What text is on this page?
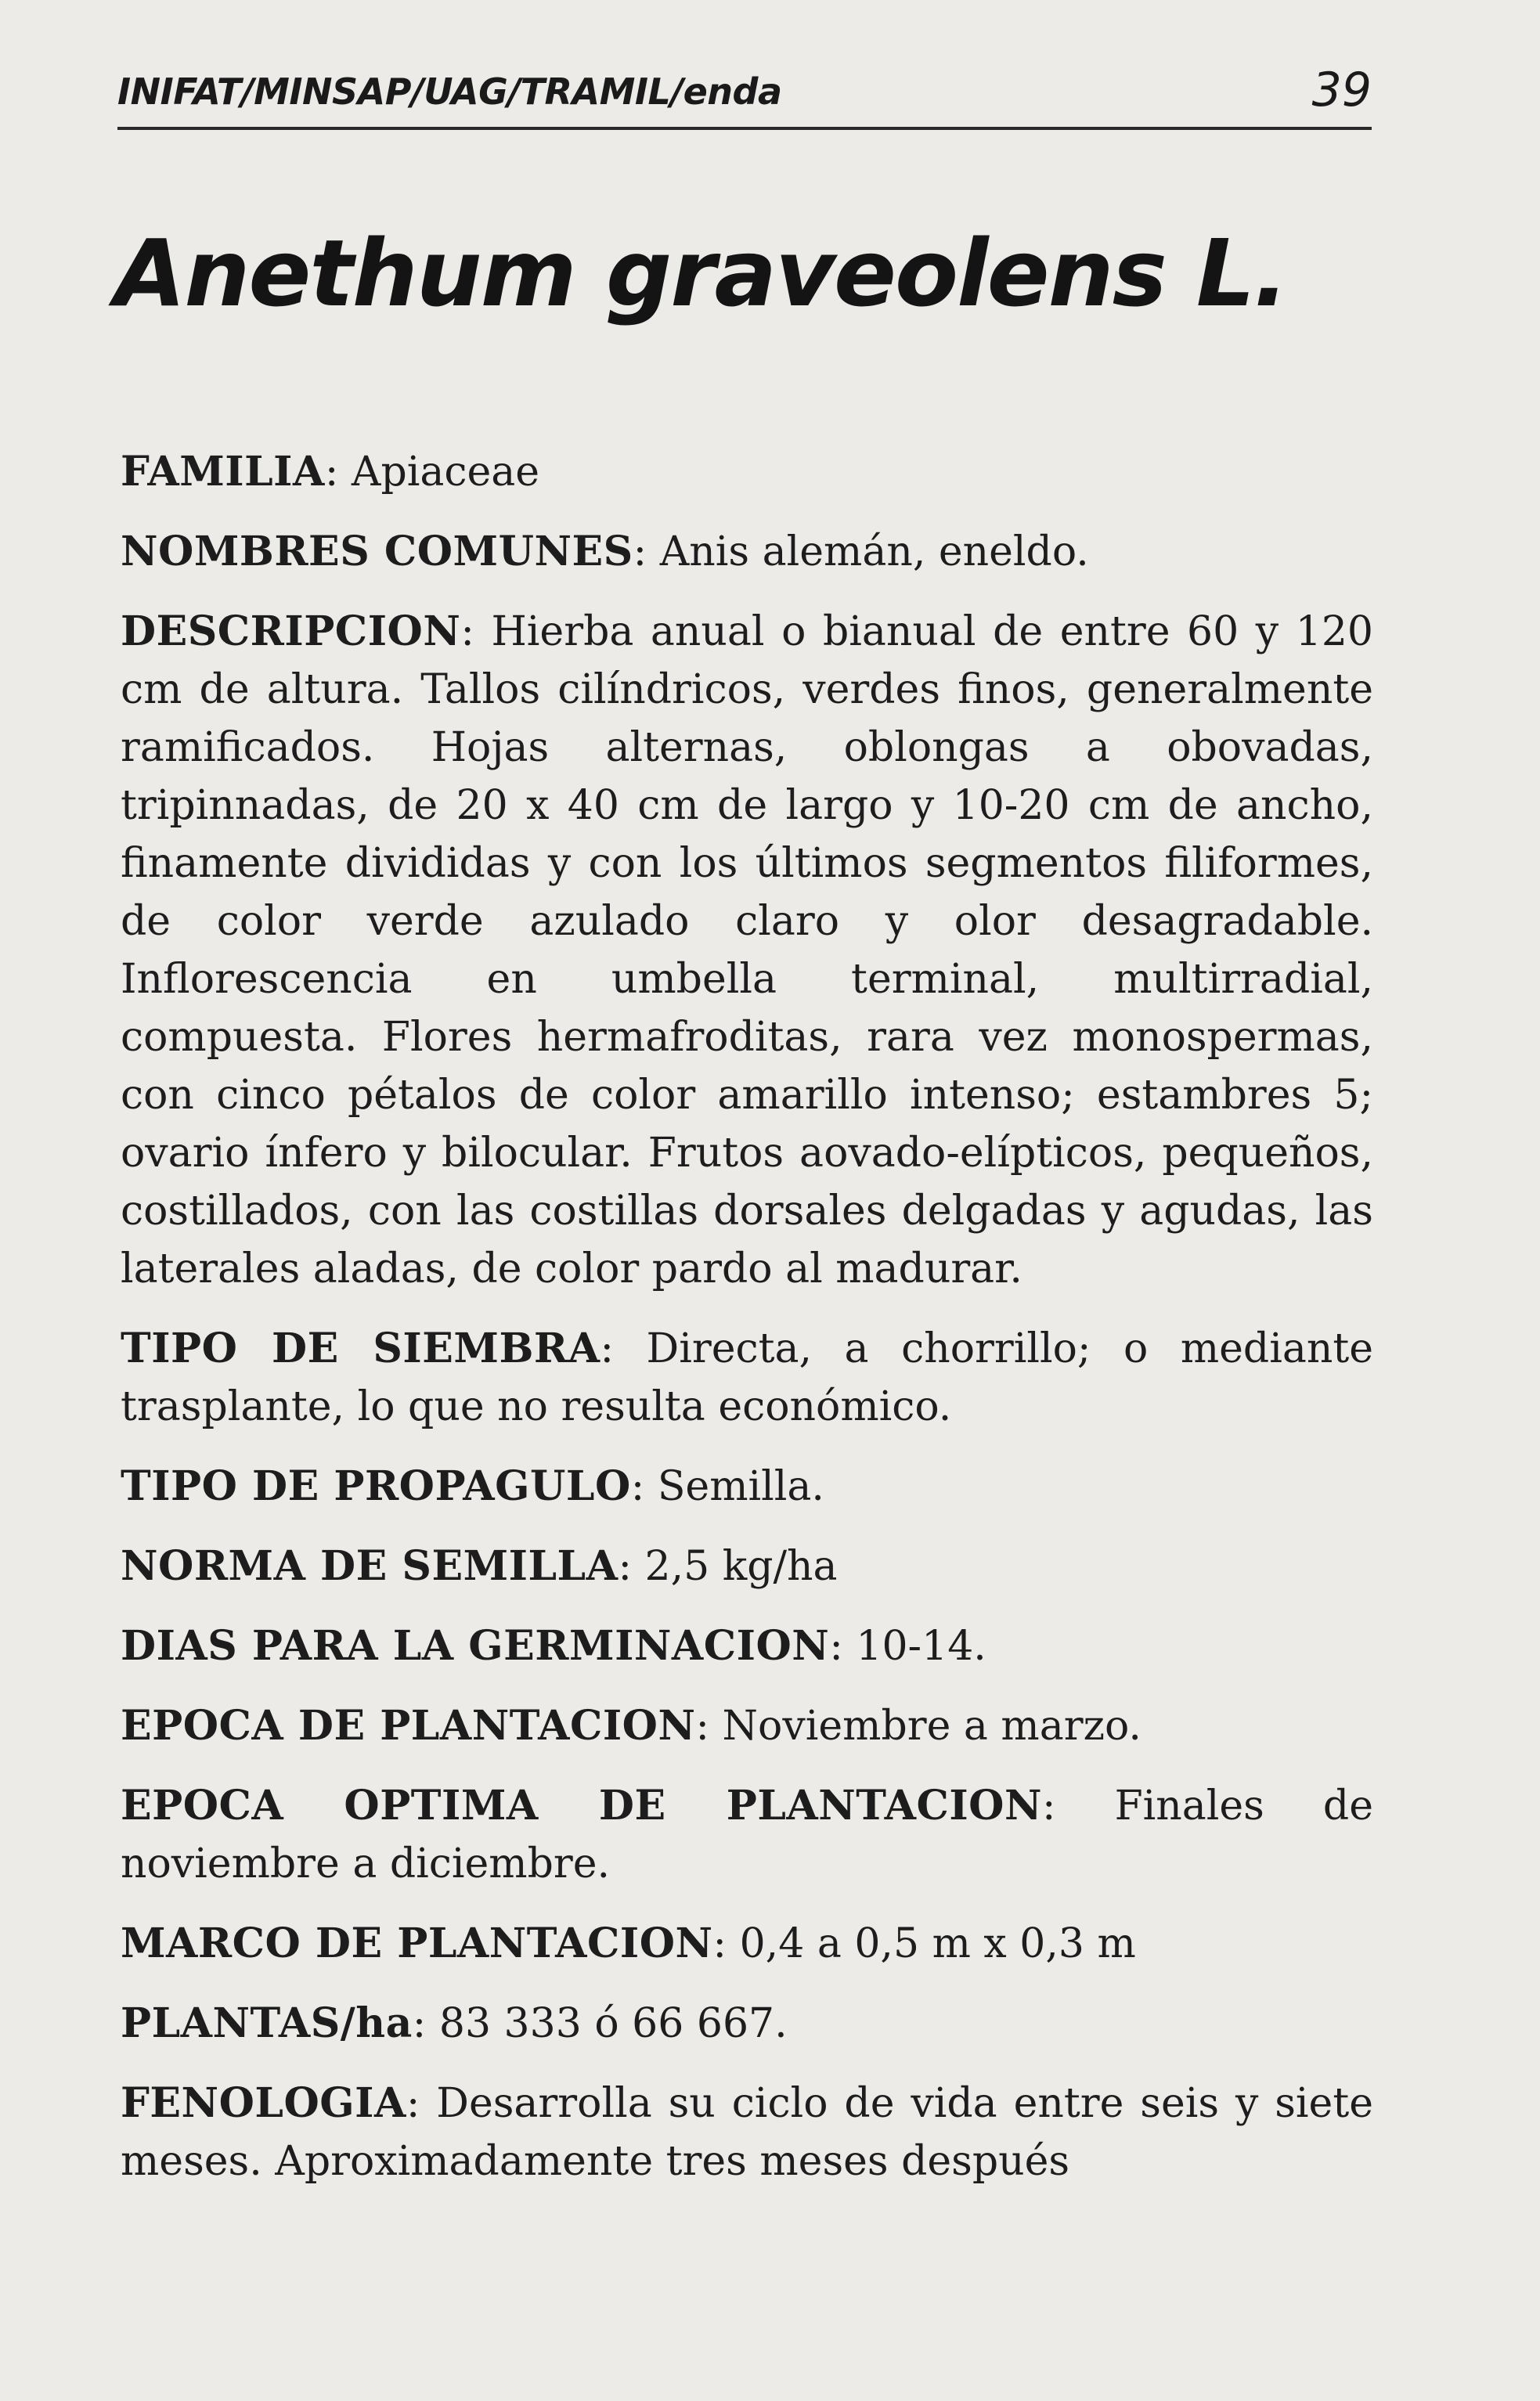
INIFAT/MINSAP/UAG/TRAMIL/enda	39
Anethum graveolens L.

FAMILIA: Apiaceae

NOMBRES COMUNES: Anis alemán, eneldo.

DESCRIPCION: Hierba anual o bianual de entre 60 y 120 cm de altura. Tallos cilíndricos, verdes finos, generalmente ramificados. Hojas alternas, oblongas a obovadas, tripinnadas, de 20 x 40 cm de largo y 10-20 cm de ancho, finamente divididas y con los últimos segmentos filiformes, de color verde azulado claro y olor desagradable. Inflorescencia en umbella terminal, multirradial, compuesta. Flores hermafroditas, rara vez monospermas, con cinco pétalos de color amarillo intenso; estambres 5; ovario ínfero y bilocular. Frutos aovado-elípticos, pequeños, costillados, con las costillas dorsales delgadas y agudas, las laterales aladas, de color pardo al madurar.

TIPO DE SIEMBRA: Directa, a chorrillo; o mediante trasplante, lo que no resulta económico.

TIPO DE PROPAGULO: Semilla.

NORMA DE SEMILLA: 2,5 kg/ha

DIAS PARA LA GERMINACION: 10-14.

EPOCA DE PLANTACION: Noviembre a marzo.

EPOCA OPTIMA DE PLANTACION: Finales de noviembre a diciembre.

MARCO DE PLANTACION: 0,4 a 0,5 m x 0,3 m

PLANTAS/ha: 83 333 ó 66 667.

FENOLOGIA: Desarrolla su ciclo de vida entre seis y siete meses. Aproximadamente tres meses después
